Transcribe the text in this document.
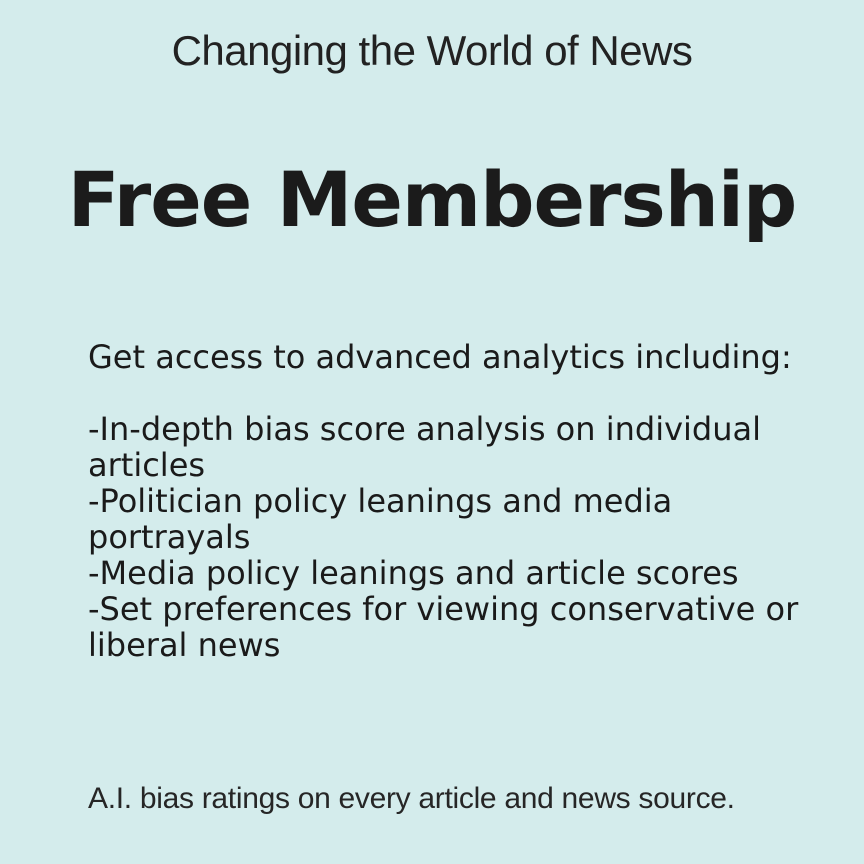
Changing the World of News
Free Membership

Get access to advanced analytics including:

-In-depth bias score analysis on individual articles

-Politician policy leanings and media portrayals

-Media policy leanings and article scores

-Set preferences for viewing conservative or liberal news

A.I. bias ratings on every article and news source.
